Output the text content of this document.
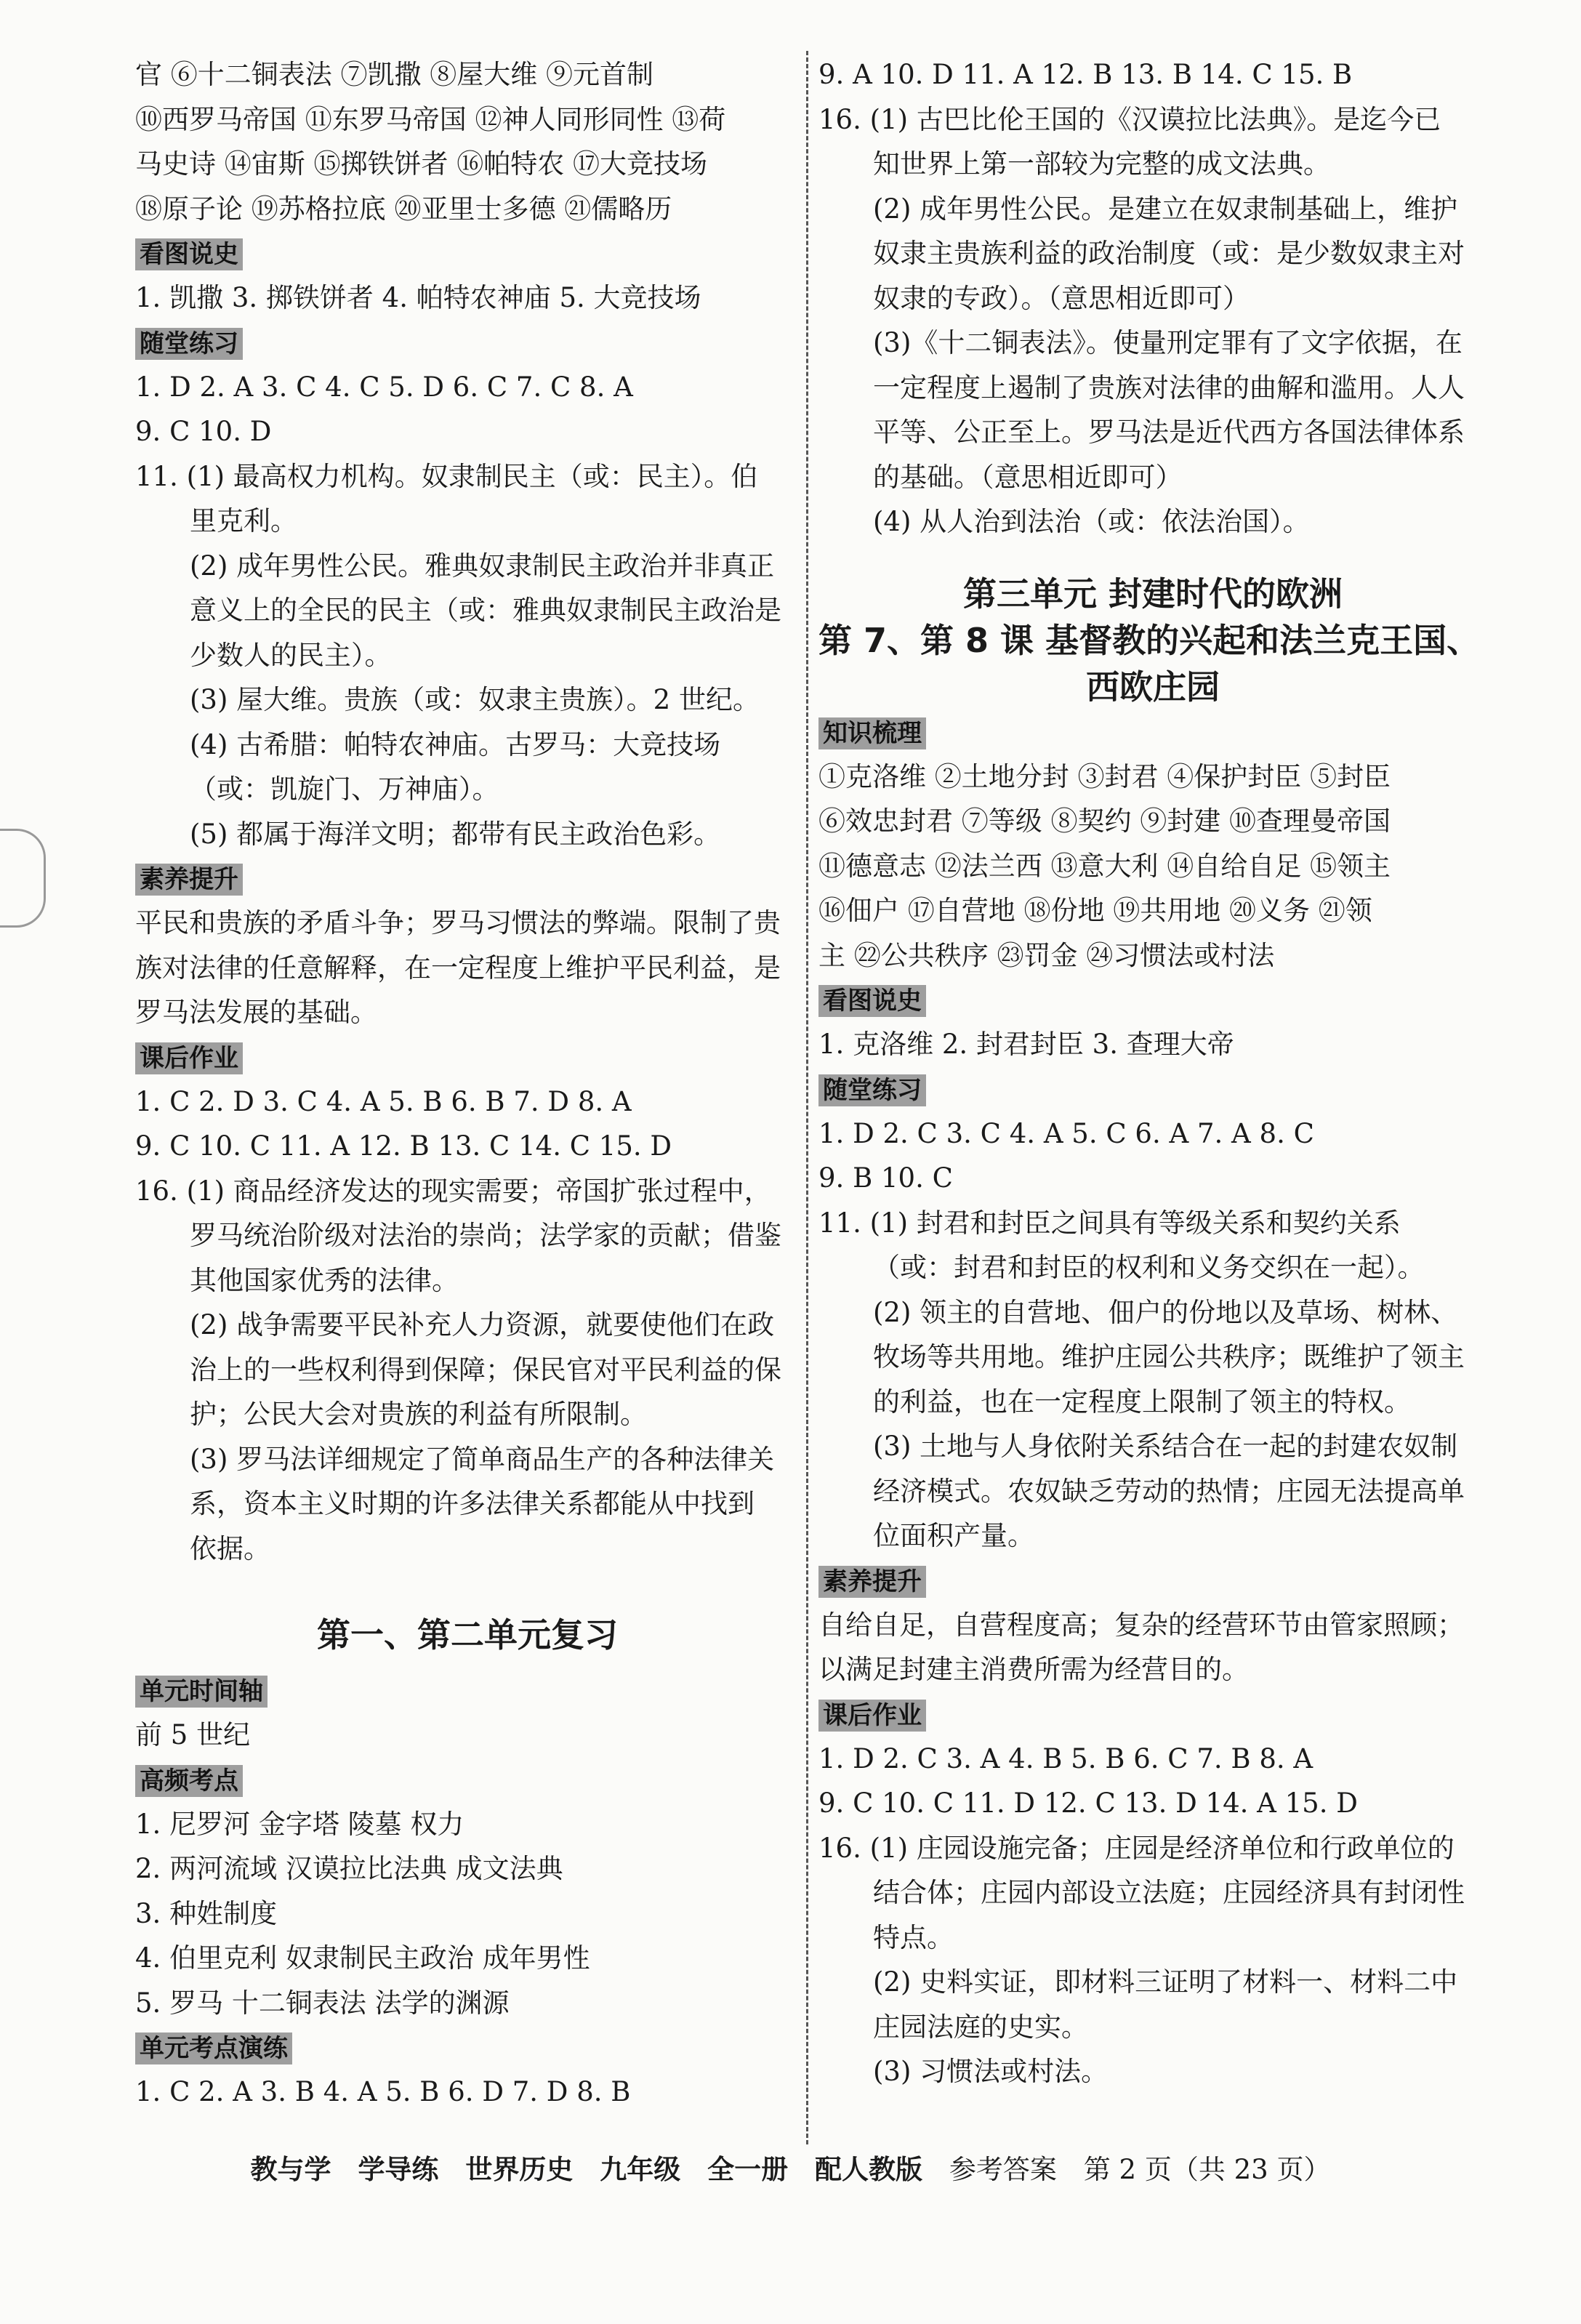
官 ⑥十二铜表法 ⑦凯撒 ⑧屋大维 ⑨元首制
⑩西罗马帝国 ⑪东罗马帝国 ⑫神人同形同性 ⑬荷
马史诗 ⑭宙斯 ⑮掷铁饼者 ⑯帕特农 ⑰大竞技场
⑱原子论 ⑲苏格拉底 ⑳亚里士多德 ㉑儒略历
看图说史
1. 凯撒 3. 掷铁饼者 4. 帕特农神庙 5. 大竞技场
随堂练习
1. D 2. A 3. C 4. C 5. D 6. C 7. C 8. A
9. C 10. D
11. (1) 最高权力机构。奴隶制民主（或：民主）。伯
里克利。
(2) 成年男性公民。雅典奴隶制民主政治并非真正
意义上的全民的民主（或：雅典奴隶制民主政治是
少数人的民主）。
(3) 屋大维。贵族（或：奴隶主贵族）。2 世纪。
(4) 古希腊：帕特农神庙。古罗马：大竞技场
（或：凯旋门、万神庙）。
(5) 都属于海洋文明；都带有民主政治色彩。
素养提升
平民和贵族的矛盾斗争；罗马习惯法的弊端。限制了贵
族对法律的任意解释，在一定程度上维护平民利益，是
罗马法发展的基础。
课后作业
1. C 2. D 3. C 4. A 5. B 6. B 7. D 8. A
9. C 10. C 11. A 12. B 13. C 14. C 15. D
16. (1) 商品经济发达的现实需要；帝国扩张过程中，
罗马统治阶级对法治的崇尚；法学家的贡献；借鉴
其他国家优秀的法律。
(2) 战争需要平民补充人力资源，就要使他们在政
治上的一些权利得到保障；保民官对平民利益的保
护；公民大会对贵族的利益有所限制。
(3) 罗马法详细规定了简单商品生产的各种法律关
系，资本主义时期的许多法律关系都能从中找到
依据。
第一、第二单元复习
单元时间轴
前 5 世纪
高频考点
1. 尼罗河 金字塔 陵墓 权力
2. 两河流域 汉谟拉比法典 成文法典
3. 种姓制度
4. 伯里克利 奴隶制民主政治 成年男性
5. 罗马 十二铜表法 法学的渊源
单元考点演练
1. C 2. A 3. B 4. A 5. B 6. D 7. D 8. B
9. A 10. D 11. A 12. B 13. B 14. C 15. B
16. (1) 古巴比伦王国的《汉谟拉比法典》。是迄今已
知世界上第一部较为完整的成文法典。
(2) 成年男性公民。是建立在奴隶制基础上，维护
奴隶主贵族利益的政治制度（或：是少数奴隶主对
奴隶的专政）。（意思相近即可）
(3)《十二铜表法》。使量刑定罪有了文字依据，在
一定程度上遏制了贵族对法律的曲解和滥用。人人
平等、公正至上。罗马法是近代西方各国法律体系
的基础。（意思相近即可）
(4) 从人治到法治（或：依法治国）。
第三单元 封建时代的欧洲
第 7、第 8 课 基督教的兴起和法兰克王国、
西欧庄园
知识梳理
①克洛维 ②土地分封 ③封君 ④保护封臣 ⑤封臣
⑥效忠封君 ⑦等级 ⑧契约 ⑨封建 ⑩查理曼帝国
⑪德意志 ⑫法兰西 ⑬意大利 ⑭自给自足 ⑮领主
⑯佃户 ⑰自营地 ⑱份地 ⑲共用地 ⑳义务 ㉑领
主 ㉒公共秩序 ㉓罚金 ㉔习惯法或村法
看图说史
1. 克洛维 2. 封君封臣 3. 查理大帝
随堂练习
1. D 2. C 3. C 4. A 5. C 6. A 7. A 8. C
9. B 10. C
11. (1) 封君和封臣之间具有等级关系和契约关系
（或：封君和封臣的权利和义务交织在一起）。
(2) 领主的自营地、佃户的份地以及草场、树林、
牧场等共用地。维护庄园公共秩序；既维护了领主
的利益，也在一定程度上限制了领主的特权。
(3) 土地与人身依附关系结合在一起的封建农奴制
经济模式。农奴缺乏劳动的热情；庄园无法提高单
位面积产量。
素养提升
自给自足，自营程度高；复杂的经营环节由管家照顾；
以满足封建主消费所需为经营目的。
课后作业
1. D 2. C 3. A 4. B 5. B 6. C 7. B 8. A
9. C 10. C 11. D 12. C 13. D 14. A 15. D
16. (1) 庄园设施完备；庄园是经济单位和行政单位的
结合体；庄园内部设立法庭；庄园经济具有封闭性
特点。
(2) 史料实证，即材料三证明了材料一、材料二中
庄园法庭的史实。
(3) 习惯法或村法。
教与学 学导练 世界历史 九年级 全一册 配人教版 参考答案 第 2 页（共 23 页）
